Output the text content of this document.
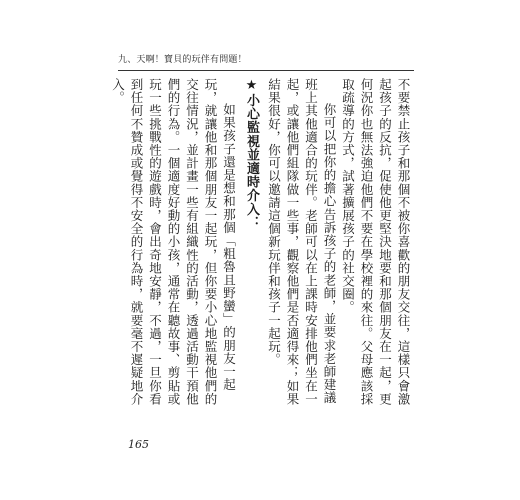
九、天啊！寶貝的玩伴有問題！

不要禁止孩子和那個不被你喜歡的朋友交往，這樣只會激起孩子的反抗，促使他更堅決地要和那個朋友在一起，更何況你也無法強迫他們不要在學校裡的來往。父母應該採取疏導的方式，試著擴展孩子的社交圈。

你可以把你的擔心告訴孩子的老師，並要求老師建議班上其他適合的玩伴。老師可以在上課時安排他們坐在一起，或讓他們組隊做一些事，觀察他們是否適得來；如果結果很好，你可以邀請這個新玩伴和孩子一起玩。

★小心監視並適時介入：

如果孩子還是想和那個「粗魯且野蠻」的朋友一起玩，就讓他和那個朋友一起玩，但你要小心地監視他們的交往情況，並計畫一些有組織性的活動，透過活動干預他們的行為。一個適度好動的小孩，通常在聽故事、剪貼或玩一些挑戰性的遊戲時，會出奇地安靜，不過，一旦你看到任何不贊成或覺得不安全的行為時，就要毫不遲疑地介入。

165
